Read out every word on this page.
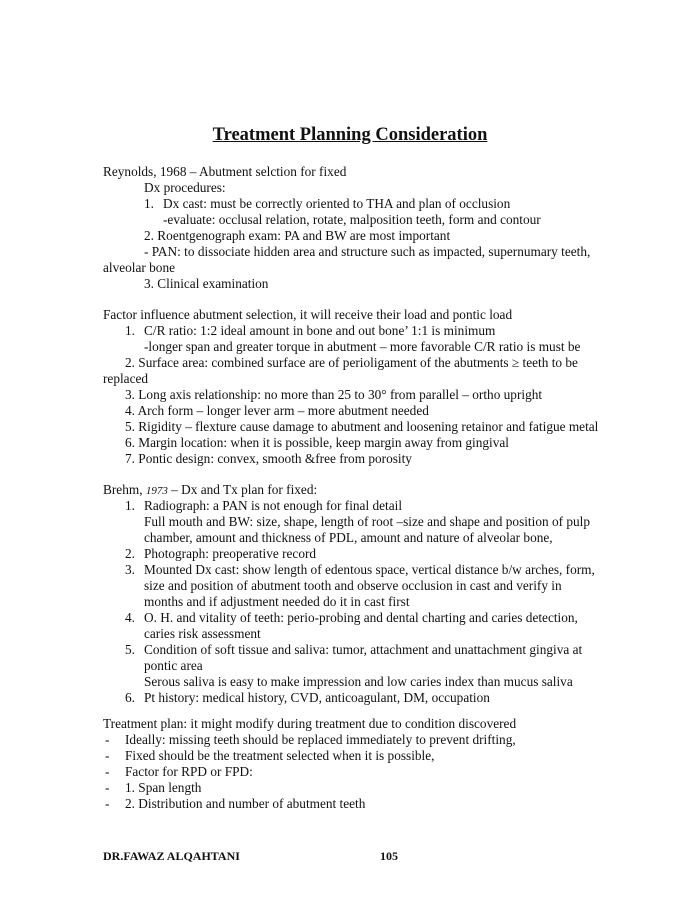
Treatment Planning Consideration
Reynolds, 1968 – Abutment selction for fixed
Dx procedures:
1. Dx cast: must be correctly oriented to THA and plan of occlusion
-evaluate: occlusal relation, rotate, malposition teeth, form and contour
2. Roentgenograph exam: PA and BW are most important
- PAN: to dissociate hidden area and structure such as impacted, supernumary teeth,
alveolar bone
3. Clinical examination
Factor influence abutment selection, it will receive their load and pontic load
1. C/R ratio: 1:2 ideal amount in bone and out bone’ 1:1 is minimum
-longer span and greater torque in abutment – more favorable C/R ratio is must be
2. Surface area: combined surface are of perioligament of the abutments ≥ teeth to be
replaced
3. Long axis relationship: no more than 25 to 30° from parallel – ortho upright
4. Arch form – longer lever arm – more abutment needed
5. Rigidity – flexture cause damage to abutment and loosening retainor and fatigue metal
6. Margin location: when it is possible, keep margin away from gingival
7. Pontic design: convex, smooth &free from porosity
Brehm, 1973 – Dx and Tx plan for fixed:
Treatment plan: it might modify during treatment due to condition discovered
DR.FAWAZ ALQAHTANI	105
1. Radiograph: a PAN is not enough for final detail
Full mouth and BW: size, shape, length of root –size and shape and position of pulp
chamber, amount and thickness of PDL, amount and nature of alveolar bone,
2. Photograph: preoperative record
3. Mounted Dx cast: show length of edentous space, vertical distance b/w arches, form,
size and position of abutment tooth and observe occlusion in cast and verify in
months and if adjustment needed do it in cast first
4. O. H. and vitality of teeth: perio-probing and dental charting and caries detection,
caries risk assessment
5. Condition of soft tissue and saliva: tumor, attachment and unattachment gingiva at
pontic area
Serous saliva is easy to make impression and low caries index than mucus saliva
6. Pt history: medical history, CVD, anticoagulant, DM, occupation
- Ideally: missing teeth should be replaced immediately to prevent drifting,
- Fixed should be the treatment selected when it is possible,
- Factor for RPD or FPD:
- 1. Span length
- 2. Distribution and number of abutment teeth
